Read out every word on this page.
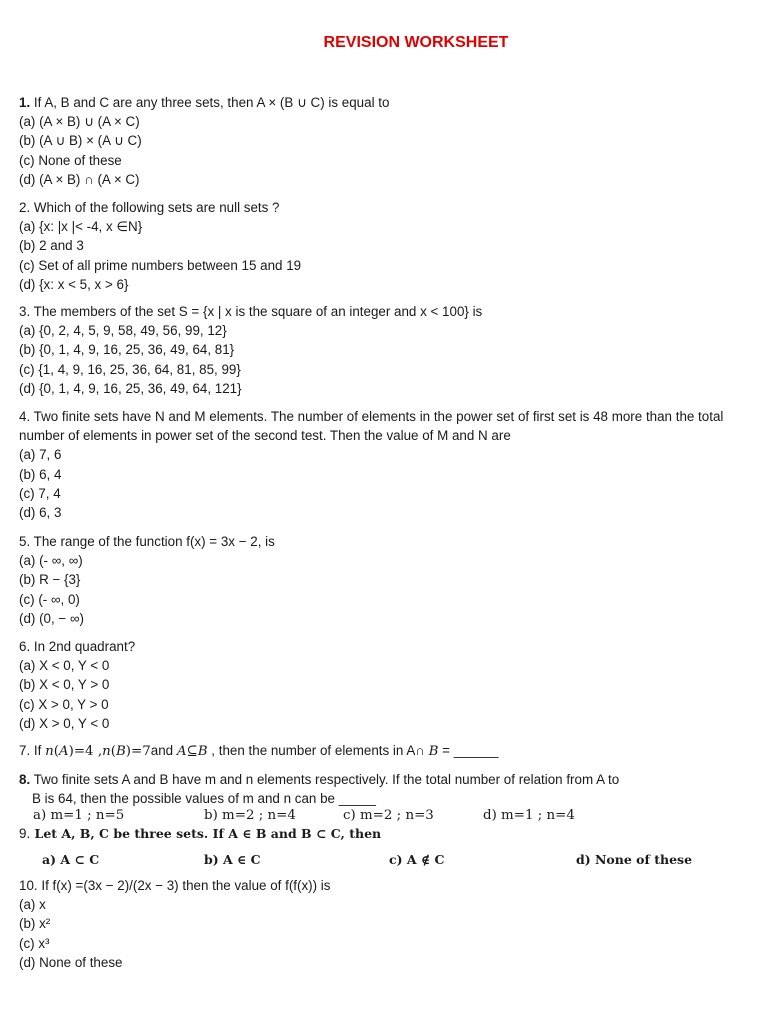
REVISION WORKSHEET
1. If A, B and C are any three sets, then A × (B ∪ C) is equal to
(a) (A × B) ∪ (A × C)
(b) (A ∪ B) × (A ∪ C)
(c) None of these
(d) (A × B) ∩ (A × C)
2. Which of the following sets are null sets ?
(a) {x: |x |< -4, x ∈N}
(b) 2 and 3
(c) Set of all prime numbers between 15 and 19
(d) {x: x < 5, x > 6}
3. The members of the set S = {x | x is the square of an integer and x < 100} is
(a) {0, 2, 4, 5, 9, 58, 49, 56, 99, 12}
(b) {0, 1, 4, 9, 16, 25, 36, 49, 64, 81}
(c) {1, 4, 9, 16, 25, 36, 64, 81, 85, 99}
(d) {0, 1, 4, 9, 16, 25, 36, 49, 64, 121}
4. Two finite sets have N and M elements. The number of elements in the power set of first set is 48 more than the total number of elements in power set of the second test. Then the value of M and N are
(a) 7, 6
(b) 6, 4
(c) 7, 4
(d) 6, 3
5. The range of the function f(x) = 3x − 2, is
(a) (- ∞, ∞)
(b) R − {3}
(c) (- ∞, 0)
(d) (0, − ∞)
6. In 2nd quadrant?
(a) X < 0, Y < 0
(b) X < 0, Y > 0
(c) X > 0, Y > 0
(d) X > 0, Y < 0
7. If n(A)=4 ,n(B)=7and A⊆B , then the number of elements in A∩ B = ______
8. Two finite sets A and B have m and n elements respectively. If the total number of relation from A to
B is 64, then the possible values of m and n can be _____
a) m=1 ; n=5	b) m=2 ; n=4	c) m=2 ; n=3	d) m=1 ; n=4
9. Let A, B, C be three sets. If A ∈ B and B ⊂ C, then
a) A ⊂ C	b) A ∈ C	c) A ∉ C	d) None of these
10. If f(x) =(3x − 2)/(2x − 3) then the value of f(f(x)) is
(a) x
(b) x²
(c) x³
(d) None of these
